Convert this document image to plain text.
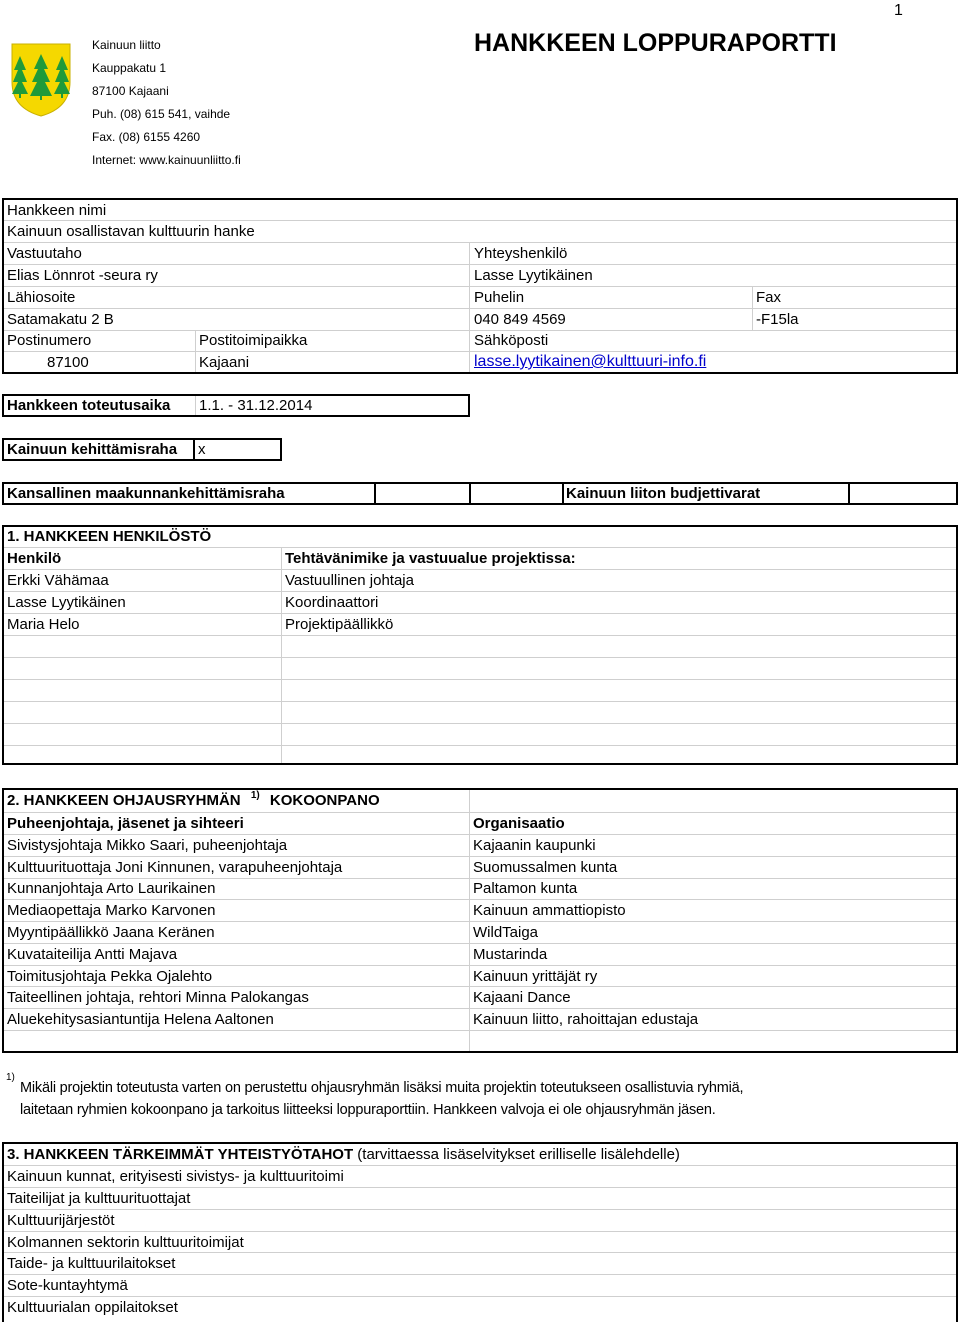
1
Kainuun liitto
Kauppakatu 1
87100 Kajaani
Puh. (08) 615 541, vaihde
Fax. (08) 6155 4260
Internet: www.kainuunliitto.fi
HANKKEEN LOPPURAPORTTI
Hankkeen nimi
Kainuun osallistavan kulttuurin hanke
Vastuutaho
Elias Lönnrot -seura ry
Yhteyshenkilö
Lasse Lyytikäinen
Lähiosoite
Satamakatu 2 B
Puhelin
040 849 4569
Fax
-F15la
Postinumero
87100
Postitoimipaikka
Kajaani
Sähköposti
lasse.lyytikainen@kulttuuri-info.fi
Hankkeen toteutusaika 1.1. - 31.12.2014
Kainuun kehittämisraha x
Kansallinen maakunnankehittämisraha	Kainuun liiton budjettivarat
1. HANKKEEN HENKILÖSTÖ
Henkilö	Tehtävänimike ja vastuualue projektissa:
Erkki Vähämaa	Vastuullinen johtaja
Lasse Lyytikäinen	Koordinaattori
Maria Helo	Projektipäällikkö
2. HANKKEEN OHJAUSRYHMÄN $^{1)}$ KOKOONPANO
Puheenjohtaja, jäsenet ja sihteeri	Organisaatio
Sivistysjohtaja Mikko Saari, puheenjohtaja	Kajaanin kaupunki
Kulttuurituottaja Joni Kinnunen, varapuheenjohtaja	Suomussalmen kunta
Kunnanjohtaja Arto Laurikainen	Paltamon kunta
Mediaopettaja Marko Karvonen	Kainuun ammattiopisto
Myyntipäällikkö Jaana Keränen	WildTaiga
Kuvataiteilija Antti Majava	Mustarinda
Toimitusjohtaja Pekka Ojalehto	Kainuun yrittäjät ry
Taiteellinen johtaja, rehtori Minna Palokangas	Kajaani Dance
Aluekehitysasiantuntija Helena Aaltonen	Kainuun liitto, rahoittajan edustaja
1)
Mikäli projektin toteutusta varten on perustettu ohjausryhmän lisäksi muita projektin toteutukseen osallistuvia ryhmiä,
laitetaan ryhmien kokoonpano ja tarkoitus liitteeksi loppuraporttiin. Hankkeen valvoja ei ole ohjausryhmän jäsen.
3. HANKKEEN TÄRKEIMMÄT YHTEISTYÖTAHOT (tarvittaessa lisäselvitykset erilliselle lisälehdelle)
Kainuun kunnat, erityisesti sivistys- ja kulttuuritoimi
Taiteilijat ja kulttuurituottajat
Kulttuurijärjestöt
Kolmannen sektorin kulttuuritoimijat
Taide- ja kulttuurilaitokset
Sote-kuntayhtymä
Kulttuurialan oppilaitokset
